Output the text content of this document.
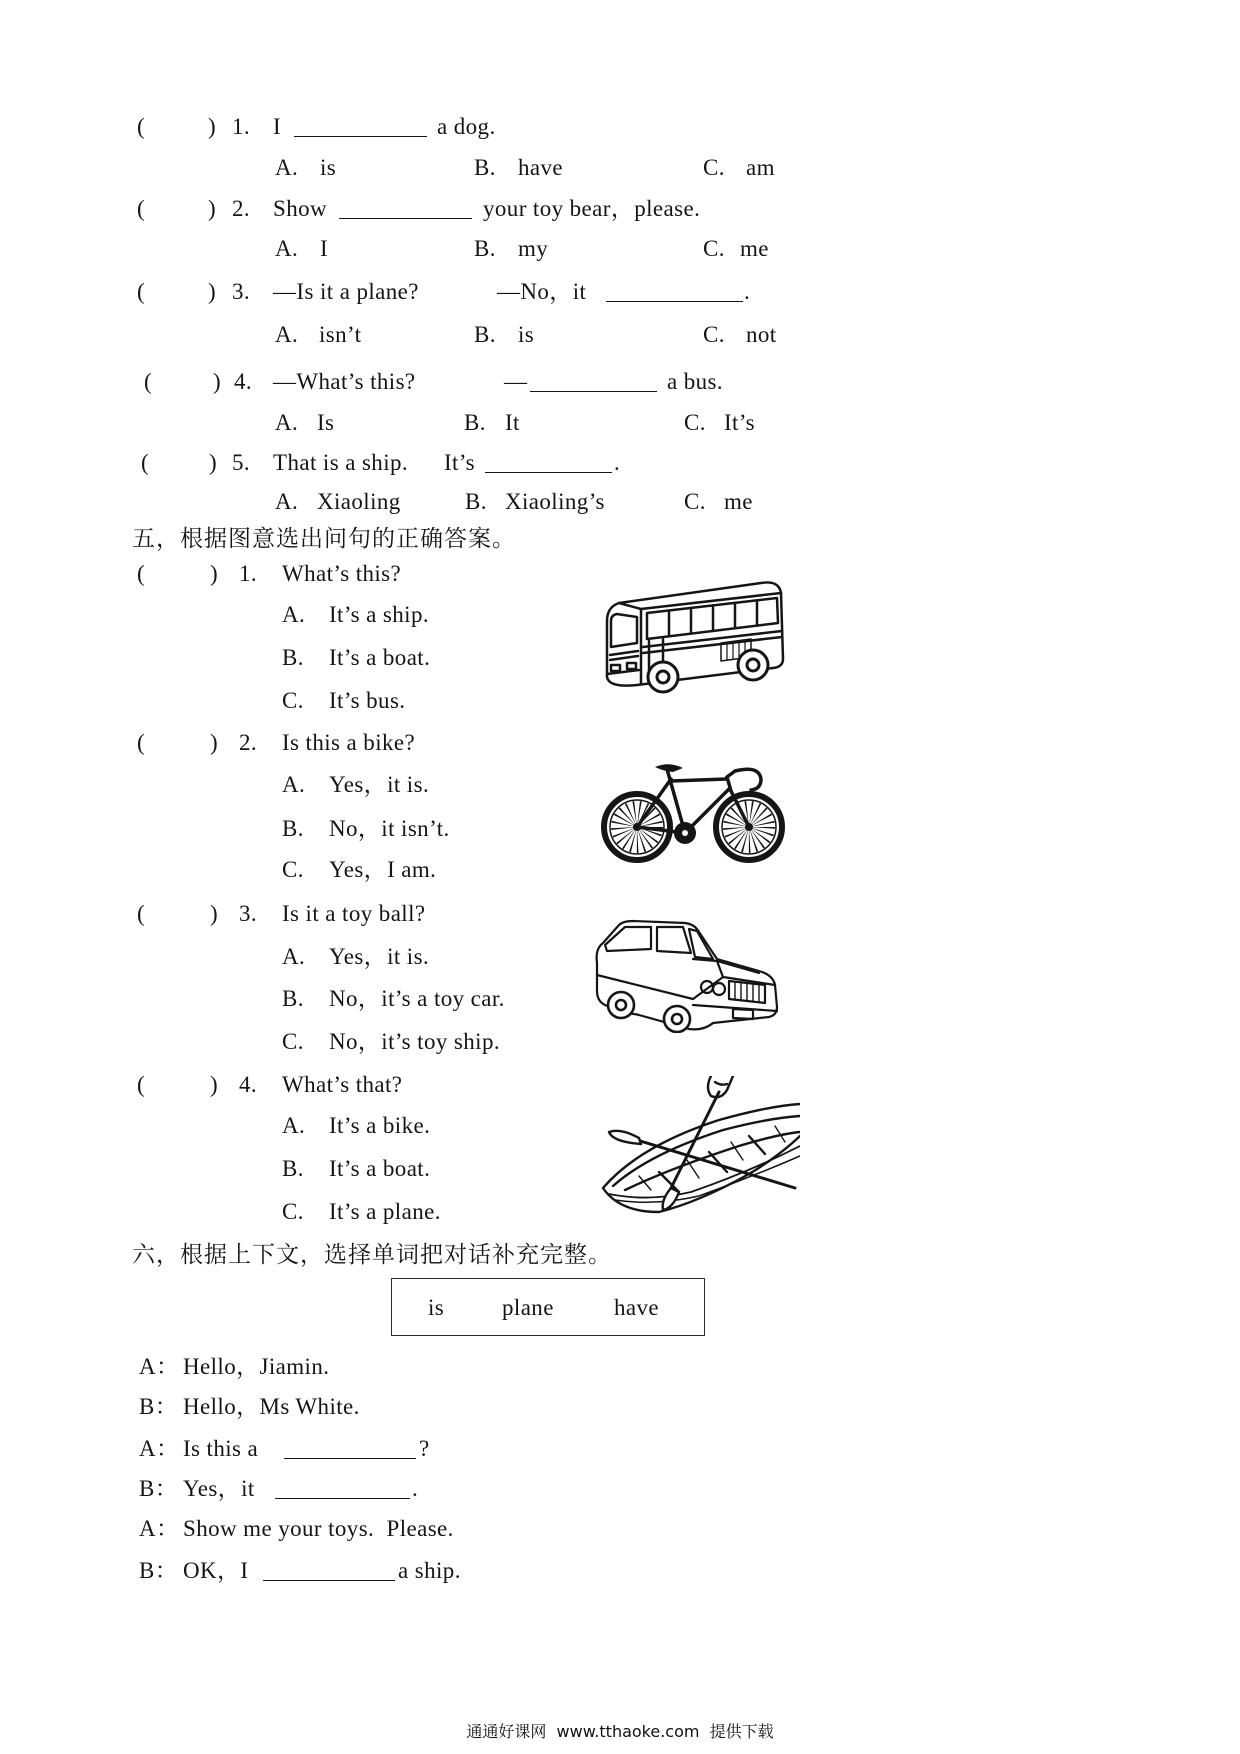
(	) 1. I	a dog.
A. is	B. have	C. am
(	) 2. Show	your toy bear，please.
A. I	B. my	C. me
(	) 3. —Is it a plane?	—No，it	.
A. isn’t	B. is	C. not
(	) 4. —What’s this?	—	a bus.
A. Is	B. It	C. It’s
(	) 5. That is a ship. It’s	.
A. Xiaoling	B. Xiaoling’s	C. me
五，根据图意选出问句的正确答案。
(	) 1. What’s this?
A. It’s a ship.
B. It’s a boat.
C. It’s bus.
(	) 2. Is this a bike?
A. Yes，it is.
B. No，it isn’t.
C. Yes，I am.
(	) 3. Is it a toy ball?
A. Yes，it is.
B. No，it’s a toy car.
C. No，it’s toy ship.
(	) 4. What’s that?
A. It’s a bike.
B. It’s a boat.
C. It’s a plane.
六，根据上下文，选择单词把对话补充完整。
is	plane	have
A： Hello，Jiamin.
B： Hello，Ms White.
A： Is this a	?
B： Yes，it	.
A： Show me your toys.  Please.
B： OK，I	a ship.
通通好课网  www.tthaoke.com  提供下载
